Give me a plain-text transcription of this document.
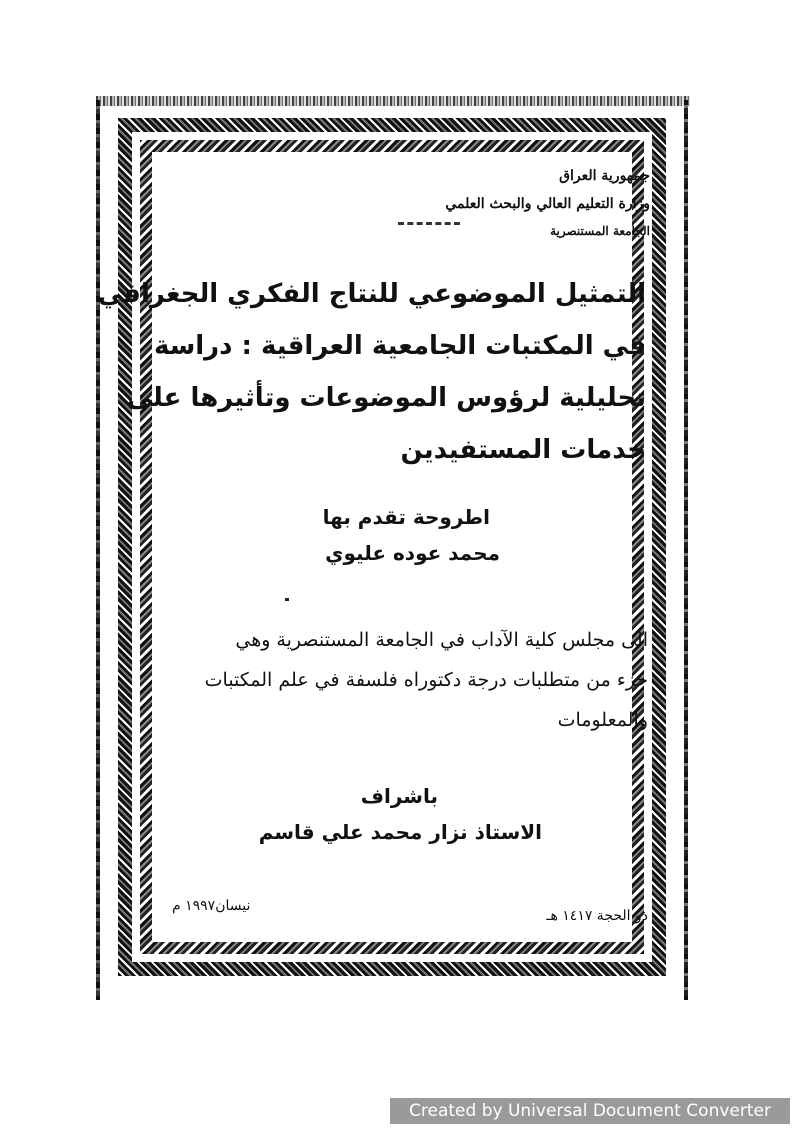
جمهورية العراق
وزارة التعليم العالي والبحث العلمي
الجامعة المستنصرية
التمثيل الموضوعي للنتاج الفكري الجغرافي
في المكتبات الجامعية العراقية : دراسة
تحليلية لرؤوس الموضوعات وتأثيرها على
خدمات المستفيدين
اطروحة تقدم بها
محمد عوده عليوي
الى مجلس كلية الآداب في الجامعة المستنصرية وهي
جزء من متطلبات درجة دكتوراه فلسفة في علم المكتبات
والمعلومات
باشراف
الاستاذ نزار محمد علي قاسم
نيسان١٩٩٧ م
ذو الحجة ١٤١٧ هـ
Created by Universal Document Converter
